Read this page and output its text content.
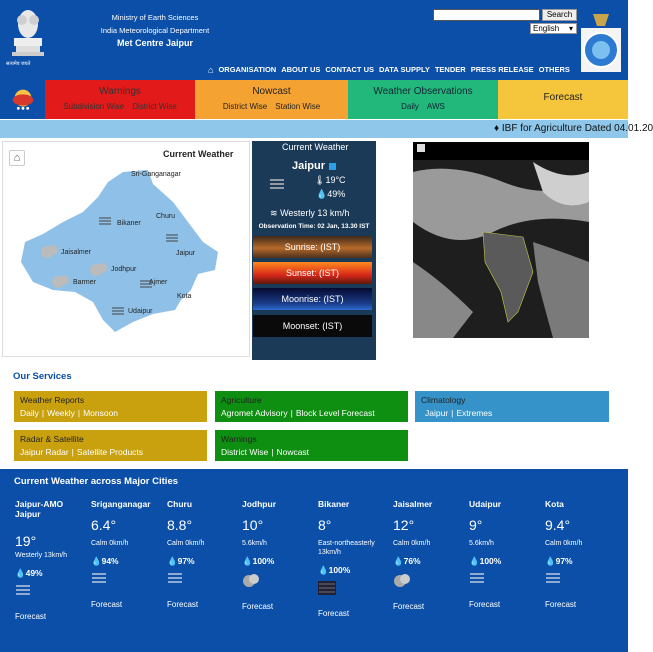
सत्यमेव जयते
Ministry of Earth Sciences
India Meteorological Department
Met Centre Jaipur
Search
English ▾
⌂ ORGANISATION ABOUT US CONTACT US DATA SUPPLY TENDER PRESS RELEASE OTHERS
Warnings
Subdivision Wise District Wise
Nowcast
District Wise Station Wise
Weather Observations
Daily AWS
Forecast
♦ IBF for Agriculture Dated 04.01.20
⌂	Current Weather
Sri-Ganganagar
Churu
Bikaner
Jaisalmer	Jaipur
Jodhpur
Barmer	Ajmer
Kota
Udaipur
Current Weather
Jaipur
🌡19°C
💧49%
≋ Westerly 13 km/h
Observation Time: 02 Jan, 13.30 IST
Sunrise: (IST)
Sunset: (IST)
Moonrise: (IST)
Moonset: (IST)
Our Services
Weather Reports
Daily | Weekly | Monsoon
Agriculture
Agromet Advisory | Block Level Forecast
Climatology
Jaipur | Extremes
Radar & Satellite
Jaipur Radar | Satellite Products
Warnings
District Wise | Nowcast
Current Weather across Major Cities
Jaipur-AMO Jaipur
19°
Westerly 13km/h
💧49%
Forecast
Sriganganagar
6.4°
Calm 0km/h
💧94%
Forecast
Churu
8.8°
Calm 0km/h
💧97%
Forecast
Jodhpur
10°
5.6km/h
💧100%
Forecast
Bikaner
8°
East-northeasterly 13km/h
💧100%
Forecast
Jaisalmer
12°
Calm 0km/h
💧76%
Forecast
Udaipur
9°
5.6km/h
💧100%
Forecast
Kota
9.4°
Calm 0km/h
💧97%
Forecast
